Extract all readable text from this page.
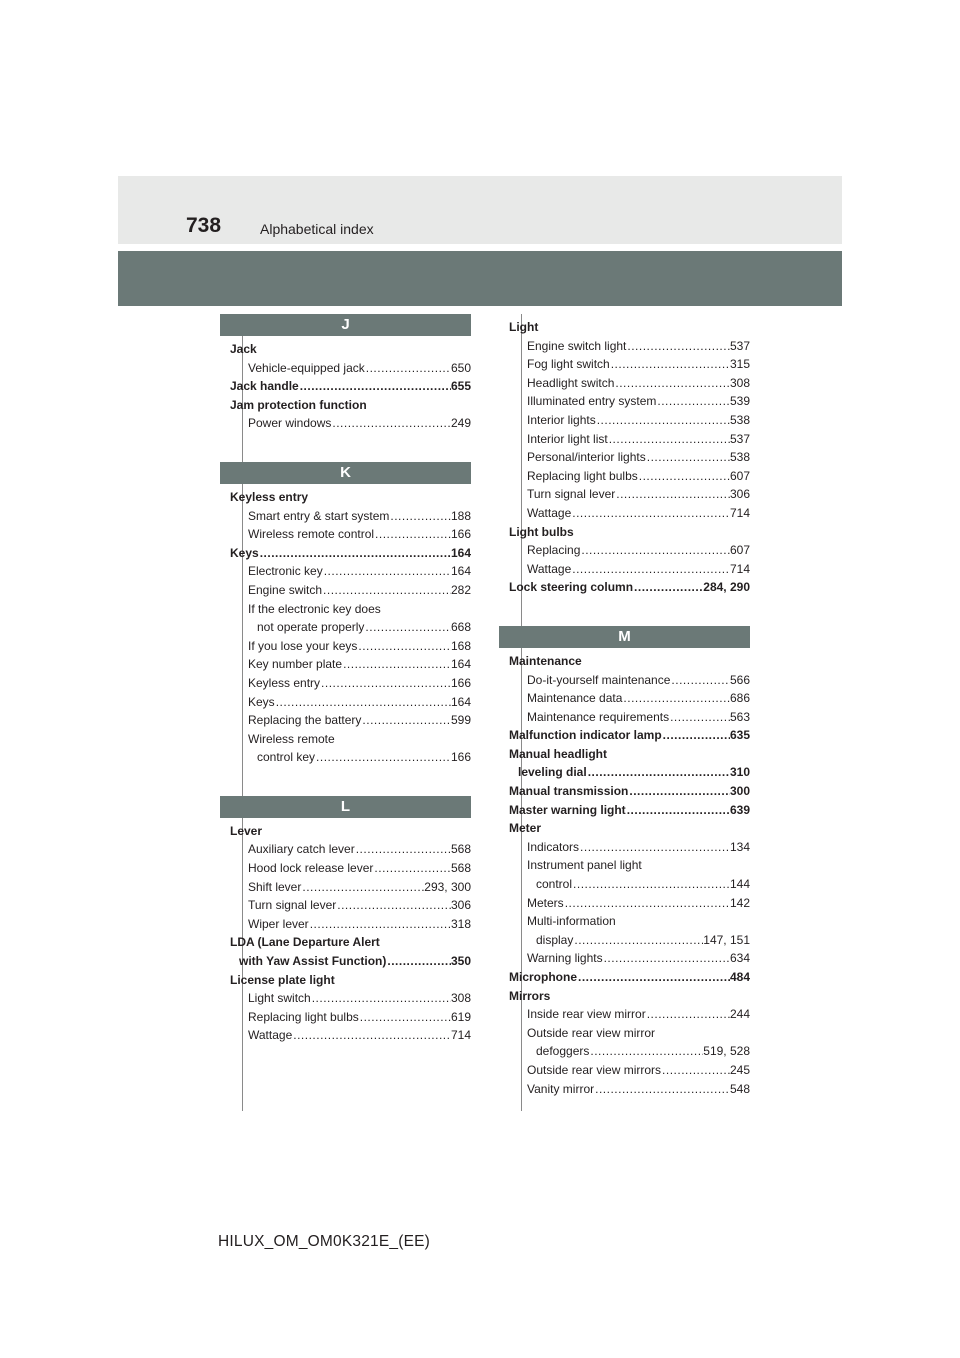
738	Alphabetical index
J
Jack
Vehicle-equipped jack .....	650
Jack handle .....	655
Jam protection function
Power windows .....	249
K
Keyless entry
Smart entry & start system .....	188
Wireless remote control .....	166
Keys .....	164
Electronic key .....	164
Engine switch .....	282
If the electronic key does
not operate properly .....	668
If you lose your keys .....	168
Key number plate .....	164
Keyless entry .....	166
Keys .....	164
Replacing the battery .....	599
Wireless remote
control key .....	166
L
Lever
Auxiliary catch lever .....	568
Hood lock release lever .....	568
Shift lever .....	293, 300
Turn signal lever .....	306
Wiper lever .....	318
LDA (Lane Departure Alert
with Yaw Assist Function) .....	350
License plate light
Light switch .....	308
Replacing light bulbs .....	619
Wattage .....	714
Light
Engine switch light .....	537
Fog light switch .....	315
Headlight switch .....	308
Illuminated entry system .....	539
Interior lights .....	538
Interior light list .....	537
Personal/interior lights .....	538
Replacing light bulbs .....	607
Turn signal lever .....	306
Wattage .....	714
Light bulbs
Replacing .....	607
Wattage .....	714
Lock steering column .....	284, 290
M
Maintenance
Do-it-yourself maintenance .....	566
Maintenance data .....	686
Maintenance requirements .....	563
Malfunction indicator lamp .....	635
Manual headlight
leveling dial .....	310
Manual transmission .....	300
Master warning light .....	639
Meter
Indicators .....	134
Instrument panel light
control .....	144
Meters .....	142
Multi-information
display .....	147, 151
Warning lights .....	634
Microphone .....	484
Mirrors
Inside rear view mirror .....	244
Outside rear view mirror
defoggers .....	519, 528
Outside rear view mirrors .....	245
Vanity mirror .....	548
HILUX_OM_OM0K321E_(EE)
